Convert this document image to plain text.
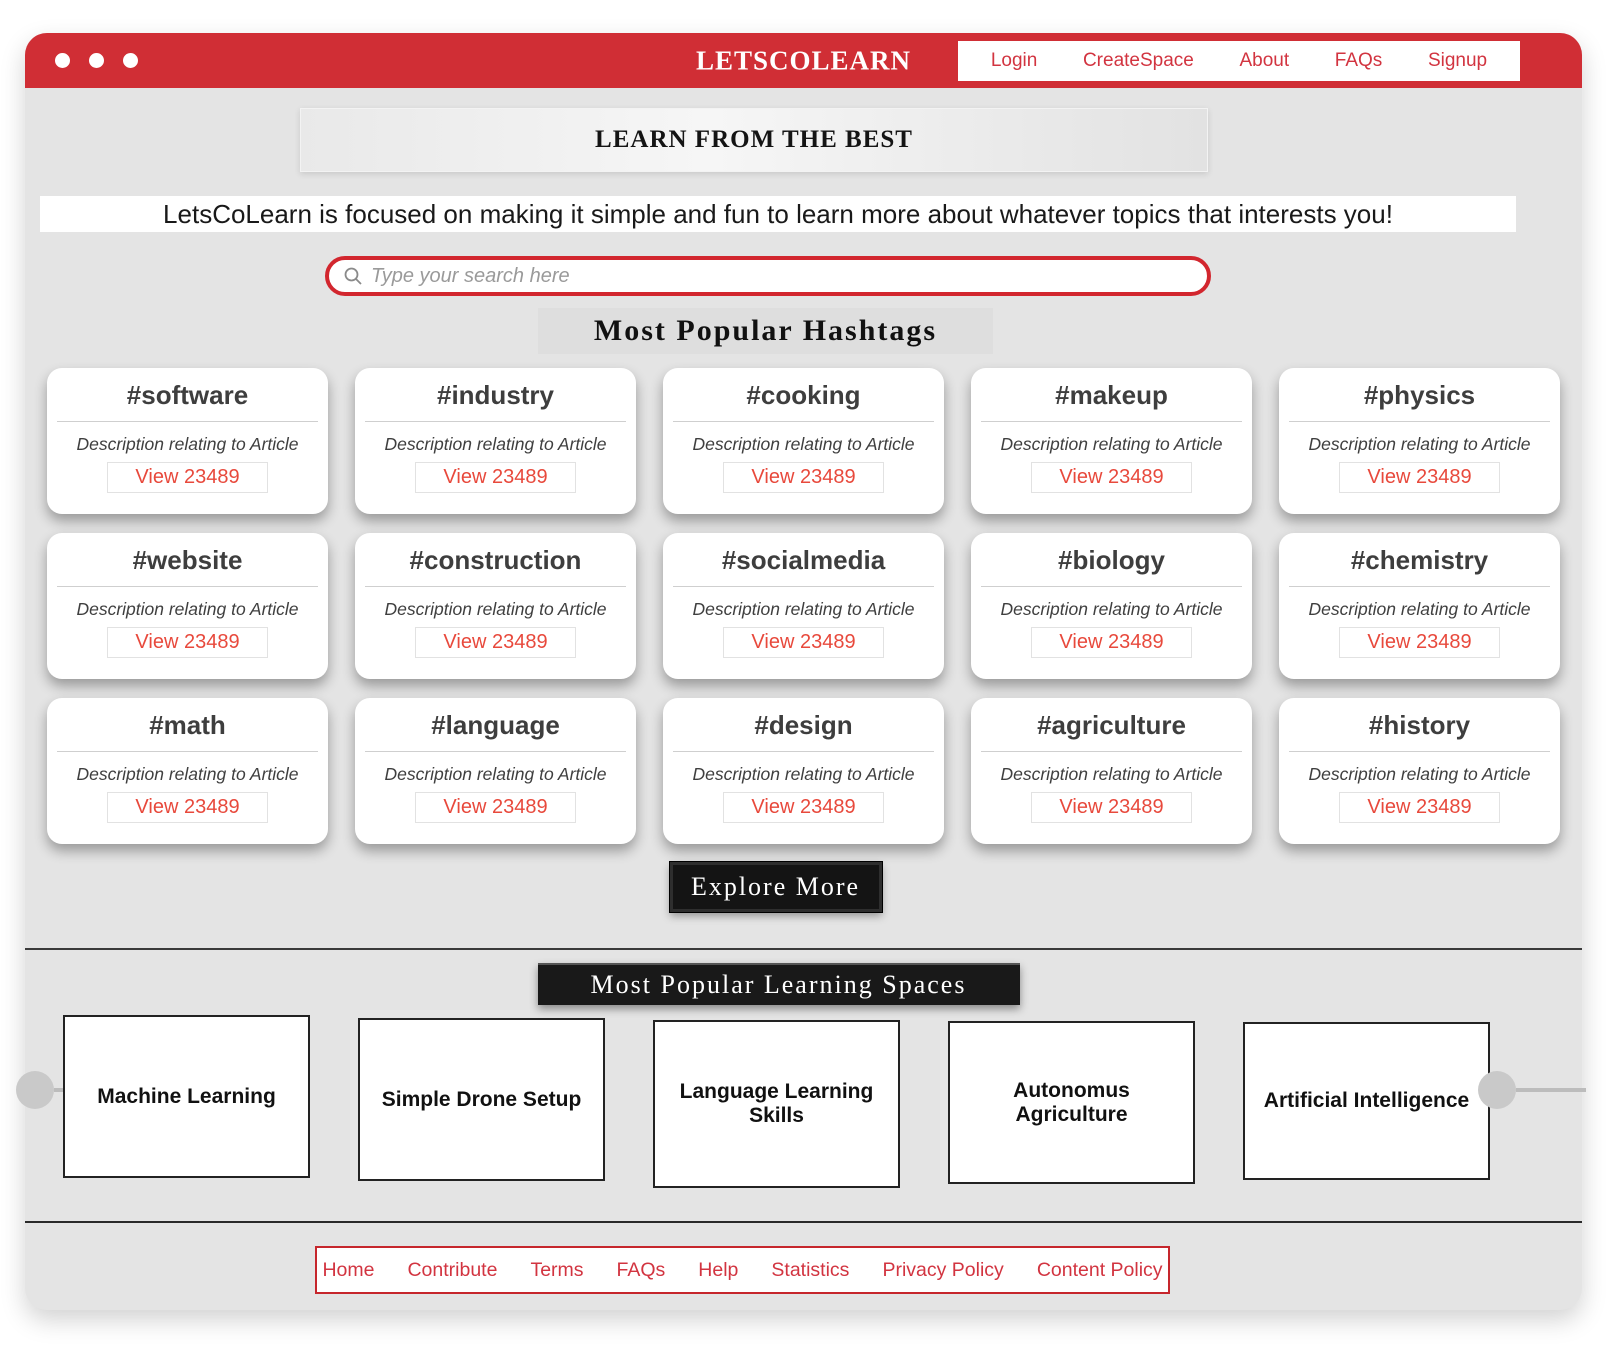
LETSCOLEARN	Login CreateSpace About FAQs Signup
LEARN FROM THE BEST

LetsCoLearn is focused on making it simple and fun to learn more about whatever topics that interests you!

Type your search here
Most Popular Hashtags
#software
Description relating to Article
View 23489
#industry
Description relating to Article
View 23489
#cooking
Description relating to Article
View 23489
#makeup
Description relating to Article
View 23489
#physics
Description relating to Article
View 23489
#website
Description relating to Article
View 23489
#construction
Description relating to Article
View 23489
#socialmedia
Description relating to Article
View 23489
#biology
Description relating to Article
View 23489
#chemistry
Description relating to Article
View 23489
#math
Description relating to Article
View 23489
#language
Description relating to Article
View 23489
#design
Description relating to Article
View 23489
#agriculture
Description relating to Article
View 23489
#history
Description relating to Article
View 23489
Explore More
Most Popular Learning Spaces
Machine Learning	Simple Drone Setup	Language Learning Skills
Autonomus Agriculture
Artificial Intelligence
Home Contribute Terms FAQs Help Statistics Privacy Policy Content Policy
